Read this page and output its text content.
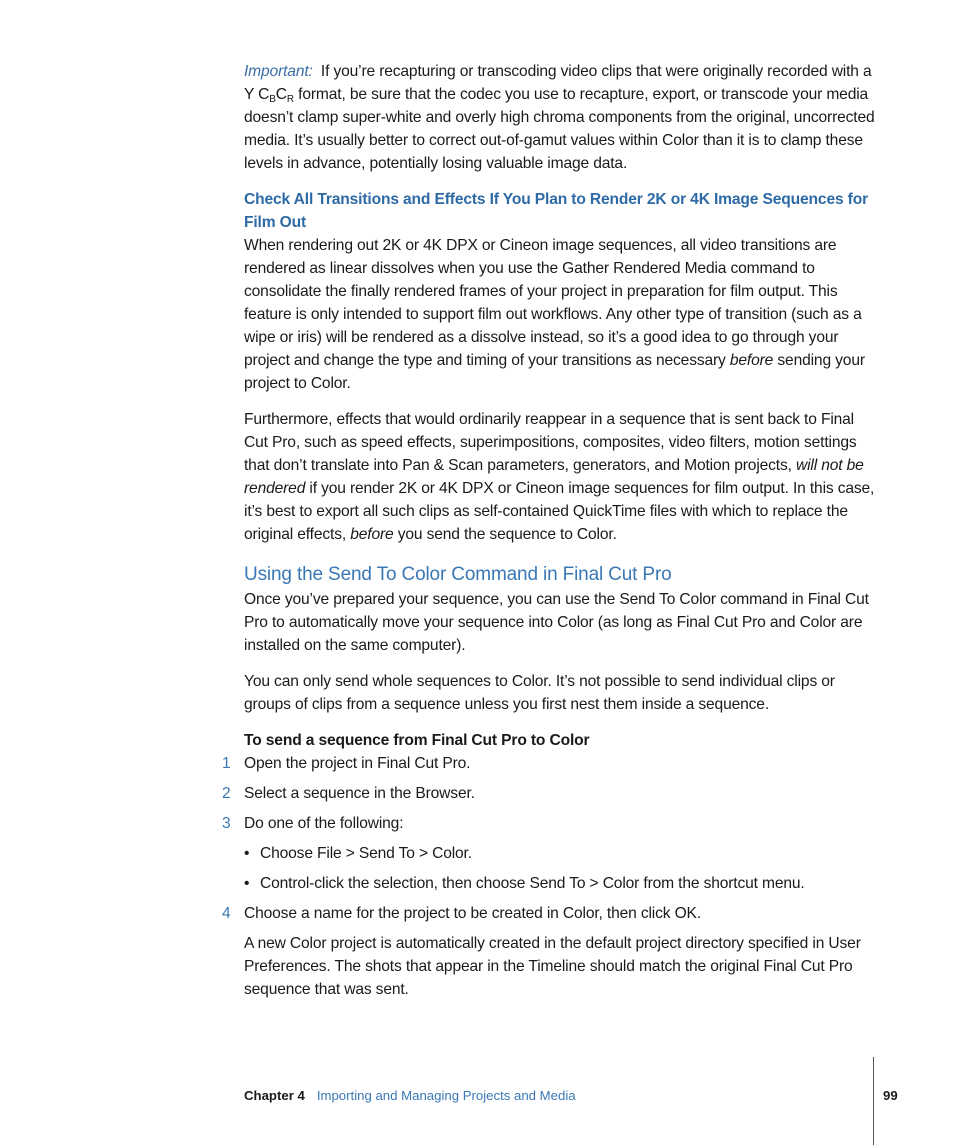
Important: If you’re recapturing or transcoding video clips that were originally recorded with a Y $C_BC_R$ format, be sure that the codec you use to recapture, export, or transcode your media doesn’t clamp super-white and overly high chroma components from the original, uncorrected media. It’s usually better to correct out-of-gamut values within Color than it is to clamp these levels in advance, potentially losing valuable image data.

Check All Transitions and Effects If You Plan to Render 2K or 4K Image Sequences for Film Out

When rendering out 2K or 4K DPX or Cineon image sequences, all video transitions are rendered as linear dissolves when you use the Gather Rendered Media command to consolidate the finally rendered frames of your project in preparation for film output. This feature is only intended to support film out workflows. Any other type of transition (such as a wipe or iris) will be rendered as a dissolve instead, so it’s a good idea to go through your project and change the type and timing of your transitions as necessary before sending your project to Color.

Furthermore, effects that would ordinarily reappear in a sequence that is sent back to Final Cut Pro, such as speed effects, superimpositions, composites, video filters, motion settings that don’t translate into Pan & Scan parameters, generators, and Motion projects, will not be rendered if you render 2K or 4K DPX or Cineon image sequences for film output. In this case, it’s best to export all such clips as self-contained QuickTime files with which to replace the original effects, before you send the sequence to Color.

Using the Send To Color Command in Final Cut Pro

Once you’ve prepared your sequence, you can use the Send To Color command in Final Cut Pro to automatically move your sequence into Color (as long as Final Cut Pro and Color are installed on the same computer).

You can only send whole sequences to Color. It’s not possible to send individual clips or groups of clips from a sequence unless you first nest them inside a sequence.

To send a sequence from Final Cut Pro to Color

1 Open the project in Final Cut Pro.

2 Select a sequence in the Browser.

3 Do one of the following:

• Choose File > Send To > Color.

• Control-click the selection, then choose Send To > Color from the shortcut menu.

4 Choose a name for the project to be created in Color, then click OK.

A new Color project is automatically created in the default project directory specified in User Preferences. The shots that appear in the Timeline should match the original Final Cut Pro sequence that was sent.

Chapter 4 Importing and Managing Projects and Media	99
